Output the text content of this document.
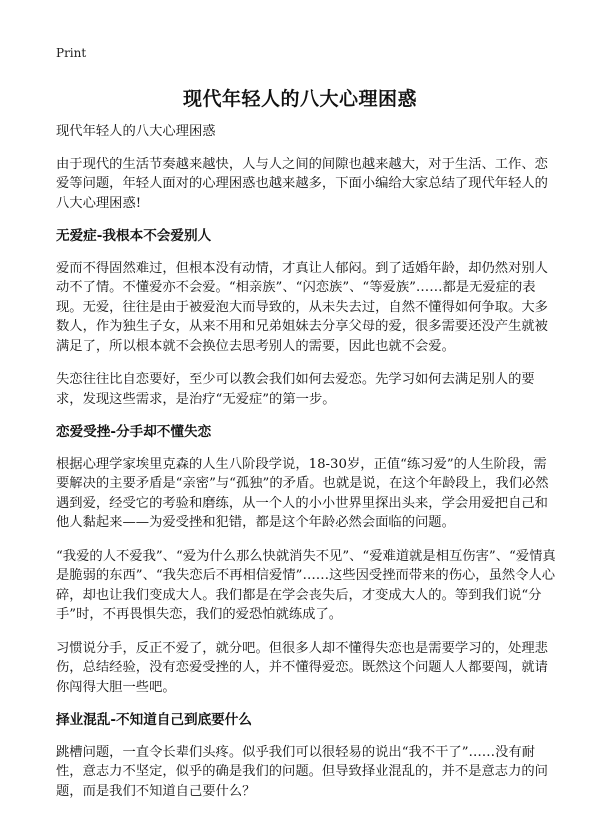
Print
现代年轻人的八大心理困惑

现代年轻人的八大心理困惑

由于现代的生活节奏越来越快，人与人之间的间隙也越来越大，对于生活、工作、恋爱等问题，年轻人面对的心理困惑也越来越多，下面小编给大家总结了现代年轻人的八大心理困惑!

无爱症-我根本不会爱别人

爱而不得固然难过，但根本没有动情，才真让人郁闷。到了适婚年龄，却仍然对别人动不了情。不懂爱亦不会爱。“相亲族”、“闪恋族”、“等爱族”……都是无爱症的表现。无爱，往往是由于被爱泡大而导致的，从未失去过，自然不懂得如何争取。大多数人，作为独生子女，从来不用和兄弟姐妹去分享父母的爱，很多需要还没产生就被满足了，所以根本就不会换位去思考别人的需要，因此也就不会爱。

失恋往往比自恋要好，至少可以教会我们如何去爱恋。先学习如何去满足别人的要求，发现这些需求，是治疗“无爱症”的第一步。

恋爱受挫-分手却不懂失恋

根据心理学家埃里克森的人生八阶段学说，18-30岁，正值“练习爱”的人生阶段，需要解决的主要矛盾是“亲密”与“孤独”的矛盾。也就是说，在这个年龄段上，我们必然遇到爱，经受它的考验和磨练，从一个人的小小世界里探出头来，学会用爱把自己和他人黏起来——为爱受挫和犯错，都是这个年龄必然会面临的问题。

“我爱的人不爱我”、“爱为什么那么快就消失不见”、“爱难道就是相互伤害”、“爱情真是脆弱的东西”、“我失恋后不再相信爱情”……这些因受挫而带来的伤心，虽然令人心碎，却也让我们变成大人。我们都是在学会丧失后，才变成大人的。等到我们说“分手”时，不再畏惧失恋，我们的爱恐怕就练成了。

习惯说分手，反正不爱了，就分吧。但很多人却不懂得失恋也是需要学习的，处理悲伤，总结经验，没有恋爱受挫的人，并不懂得爱恋。既然这个问题人人都要闯，就请你闯得大胆一些吧。

择业混乱-不知道自己到底要什么

跳槽问题，一直令长辈们头疼。似乎我们可以很轻易的说出“我不干了”……没有耐性，意志力不坚定，似乎的确是我们的问题。但导致择业混乱的，并不是意志力的问题，而是我们不知道自己要什么？
